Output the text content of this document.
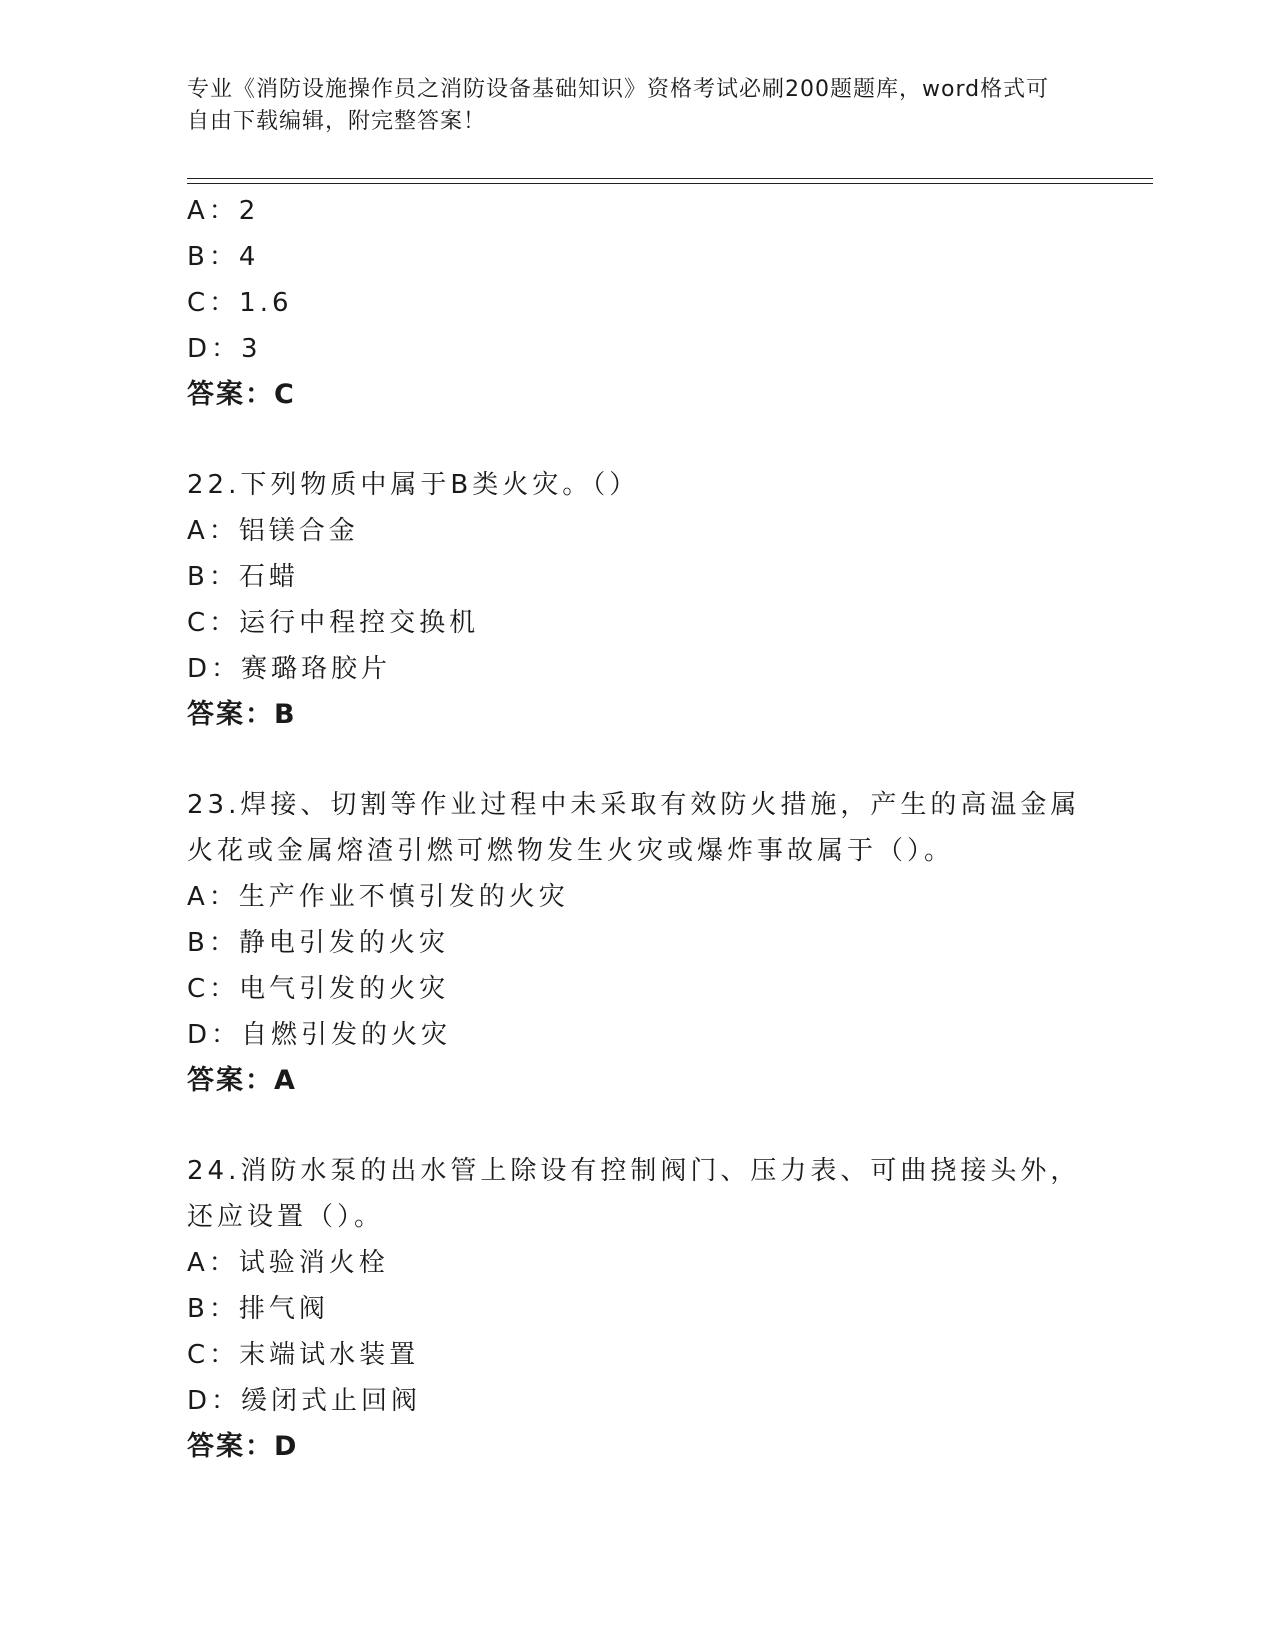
专业《消防设施操作员之消防设备基础知识》资格考试必刷200题题库，word格式可自由下载编辑，附完整答案！
A：2
B：4
C：1.6
D：3
答案：C
22.下列物质中属于B类火灾。（）
A：铝镁合金
B：石蜡
C：运行中程控交换机
D：赛璐珞胶片
答案：B
23.焊接、切割等作业过程中未采取有效防火措施，产生的高温金属火花或金属熔渣引燃可燃物发生火灾或爆炸事故属于（）。
A：生产作业不慎引发的火灾
B：静电引发的火灾
C：电气引发的火灾
D：自燃引发的火灾
答案：A
24.消防水泵的出水管上除设有控制阀门、压力表、可曲挠接头外，还应设置（）。
A：试验消火栓
B：排气阀
C：末端试水装置
D：缓闭式止回阀
答案：D
